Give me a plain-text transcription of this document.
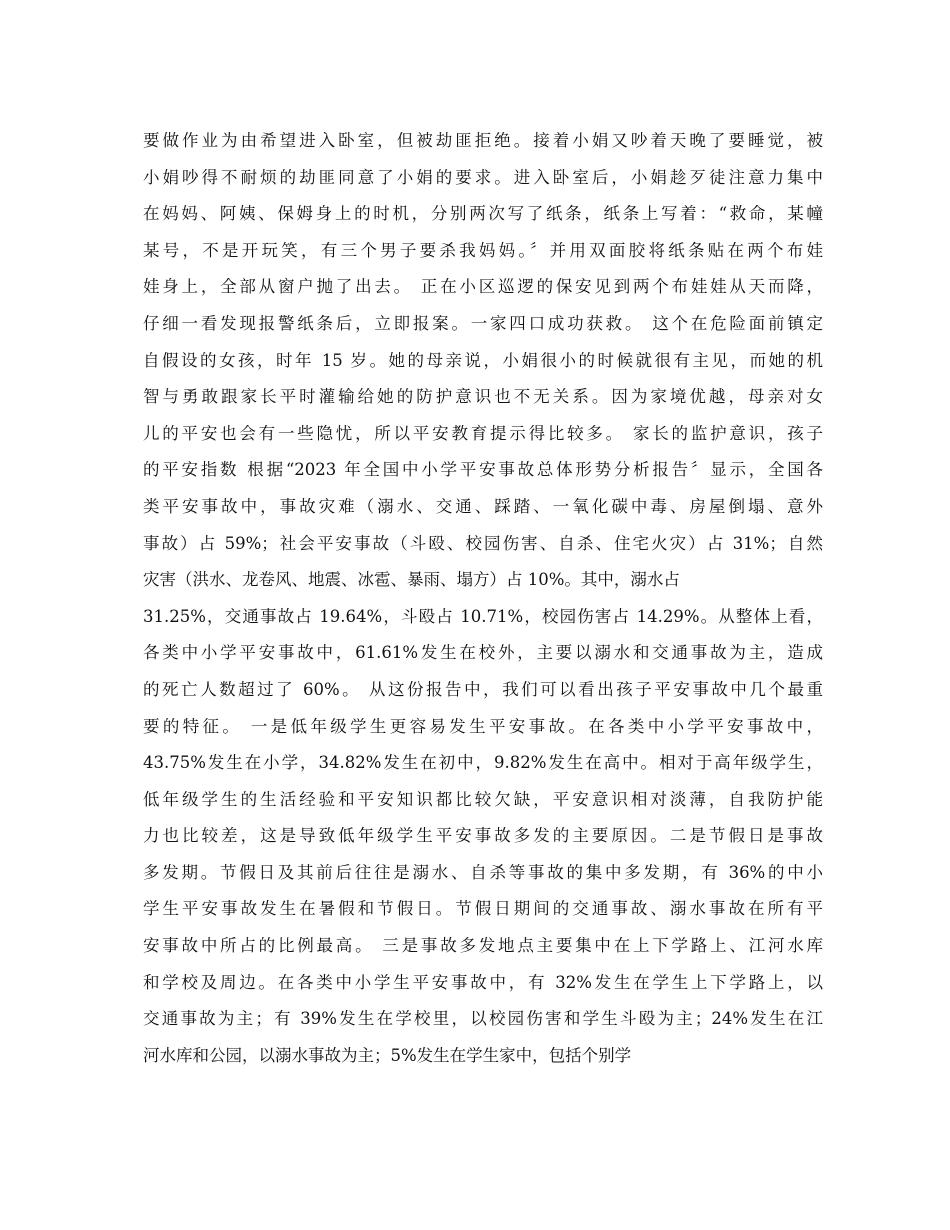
要做作业为由希望进入卧室，但被劫匪拒绝。接着小娟又吵着天晚了要睡觉，被
小娟吵得不耐烦的劫匪同意了小娟的要求。进入卧室后，小娟趁歹徒注意力集中
在妈妈、阿姨、保姆身上的时机，分别两次写了纸条，纸条上写着：“救命，某幢
某号，不是开玩笑，有三个男子要杀我妈妈。〞并用双面胶将纸条贴在两个布娃
娃身上，全部从窗户抛了出去。 正在小区巡逻的保安见到两个布娃娃从天而降，
仔细一看发现报警纸条后，立即报案。一家四口成功获救。 这个在危险面前镇定
自假设的女孩，时年 15 岁。她的母亲说，小娟很小的时候就很有主见，而她的机
智与勇敢跟家长平时灌输给她的防护意识也不无关系。因为家境优越，母亲对女
儿的平安也会有一些隐忧，所以平安教育提示得比较多。 家长的监护意识，孩子
的平安指数 根据“2023 年全国中小学平安事故总体形势分析报告〞显示，全国各
类平安事故中，事故灾难（溺水、交通、踩踏、一氧化碳中毒、房屋倒塌、意外
事故）占 59%；社会平安事故（斗殴、校园伤害、自杀、住宅火灾）占 31%；自然
灾害（洪水、龙卷风、地震、冰雹、暴雨、塌方）占 10%。其中，溺水占
31.25%，交通事故占 19.64%，斗殴占 10.71%，校园伤害占 14.29%。从整体上看，
各类中小学平安事故中，61.61%发生在校外，主要以溺水和交通事故为主，造成
的死亡人数超过了 60%。 从这份报告中，我们可以看出孩子平安事故中几个最重
要的特征。 一是低年级学生更容易发生平安事故。在各类中小学平安事故中，
43.75%发生在小学，34.82%发生在初中，9.82%发生在高中。相对于高年级学生，
低年级学生的生活经验和平安知识都比较欠缺，平安意识相对淡薄，自我防护能
力也比较差，这是导致低年级学生平安事故多发的主要原因。二是节假日是事故
多发期。节假日及其前后往往是溺水、自杀等事故的集中多发期，有 36%的中小
学生平安事故发生在暑假和节假日。节假日期间的交通事故、溺水事故在所有平
安事故中所占的比例最高。 三是事故多发地点主要集中在上下学路上、江河水库
和学校及周边。在各类中小学生平安事故中，有 32%发生在学生上下学路上，以
交通事故为主；有 39%发生在学校里，以校园伤害和学生斗殴为主；24%发生在江
河水库和公园，以溺水事故为主；5%发生在学生家中，包括个别学
